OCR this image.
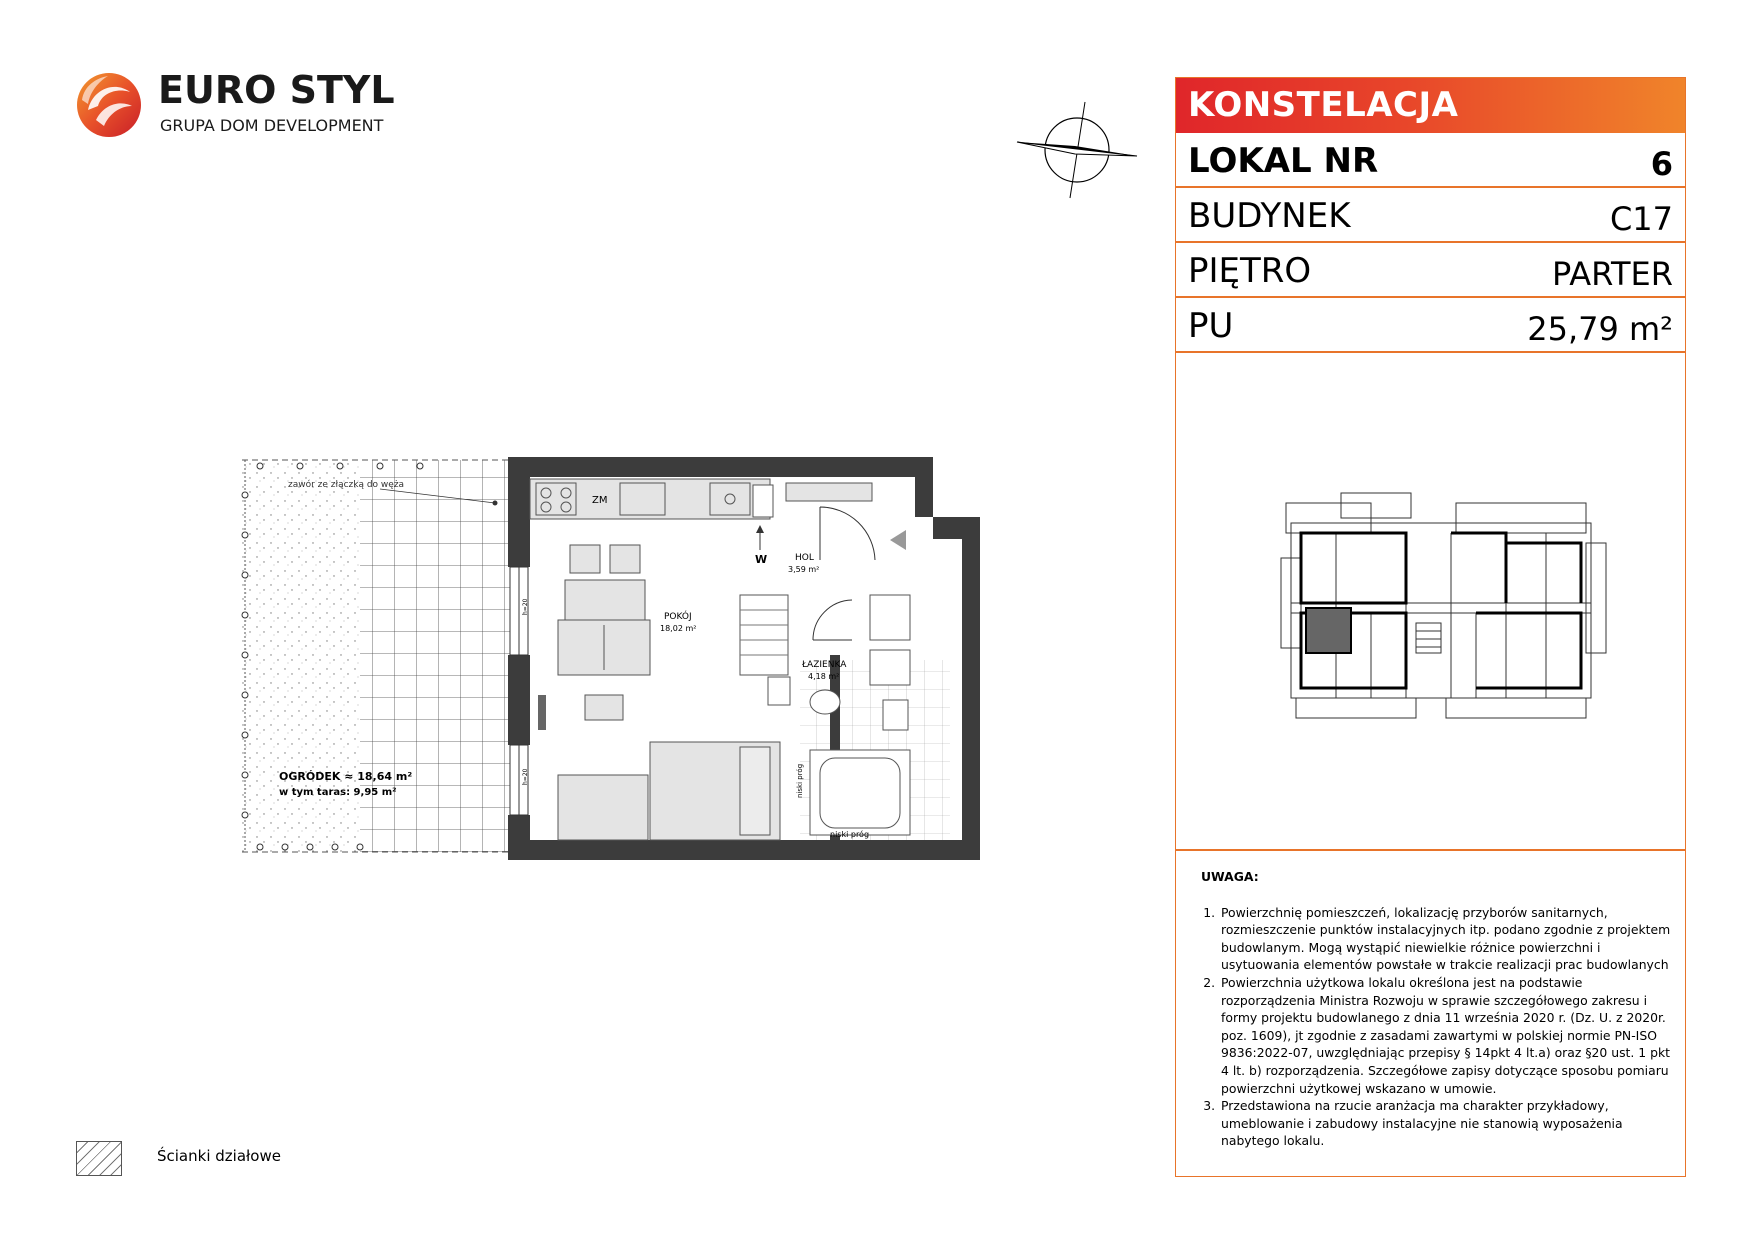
EURO STYL
GRUPA DOM DEVELOPMENT
ZM
W	HOL
3,59 m²
POKÓJ
18,02 m²
ŁAZIENKA
4,18 m²
niski próg
niski próg
zawór ze złączką do węża
h=20
h=20
OGRÓDEK ≈ 18,64 m²
w tym taras: 9,95 m²
KONSTELACJA
LOKAL NR	6
BUDYNEK	C17
PIĘTRO	PARTER
PU	25,79 m²
UWAGA:
1. Powierzchnię pomieszczeń, lokalizację przyborów sanitarnych, rozmieszczenie punktów instalacyjnych itp. podano zgodnie z projektem budowlanym. Mogą wystąpić niewielkie różnice powierzchni i usytuowania elementów powstałe w trakcie realizacji prac budowlanych
2. Powierzchnia użytkowa lokalu określona jest na podstawie rozporządzenia Ministra Rozwoju w sprawie szczegółowego zakresu i formy projektu budowlanego z dnia 11 września 2020 r. (Dz. U. z 2020r. poz. 1609), jt zgodnie z zasadami zawartymi w polskiej normie PN-ISO 9836:2022-07, uwzględniając przepisy § 14pkt 4 lt.a) oraz §20 ust. 1 pkt 4 lt. b) rozporządzenia. Szczegółowe zapisy dotyczące sposobu pomiaru powierzchni użytkowej wskazano w umowie.
3. Przedstawiona na rzucie aranżacja ma charakter przykładowy, umeblowanie i zabudowy instalacyjne nie stanowią wyposażenia nabytego lokalu.
Ścianki działowe
